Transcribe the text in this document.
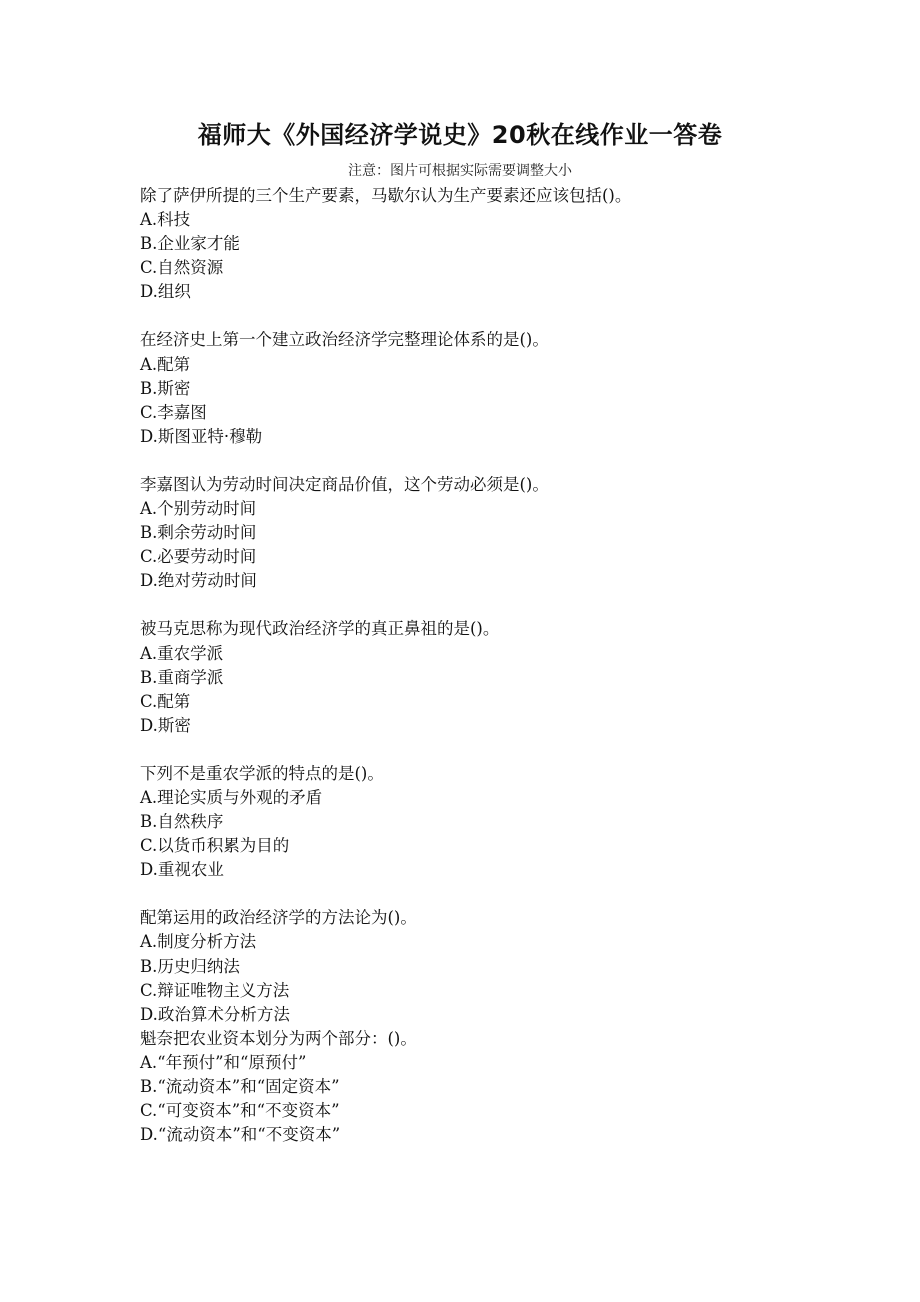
福师大《外国经济学说史》20秋在线作业一答卷
注意：图片可根据实际需要调整大小
除了萨伊所提的三个生产要素，马歇尔认为生产要素还应该包括()。
A.科技
B.企业家才能
C.自然资源
D.组织
在经济史上第一个建立政治经济学完整理论体系的是()。
A.配第
B.斯密
C.李嘉图
D.斯图亚特·穆勒
李嘉图认为劳动时间决定商品价值，这个劳动必须是()。
A.个别劳动时间
B.剩余劳动时间
C.必要劳动时间
D.绝对劳动时间
被马克思称为现代政治经济学的真正鼻祖的是()。
A.重农学派
B.重商学派
C.配第
D.斯密
下列不是重农学派的特点的是()。
A.理论实质与外观的矛盾
B.自然秩序
C.以货币积累为目的
D.重视农业
配第运用的政治经济学的方法论为()。
A.制度分析方法
B.历史归纳法
C.辩证唯物主义方法
D.政治算术分析方法
魁奈把农业资本划分为两个部分：()。
A.“年预付”和“原预付”
B.“流动资本”和“固定资本”
C.“可变资本”和“不变资本”
D.“流动资本”和“不变资本”
